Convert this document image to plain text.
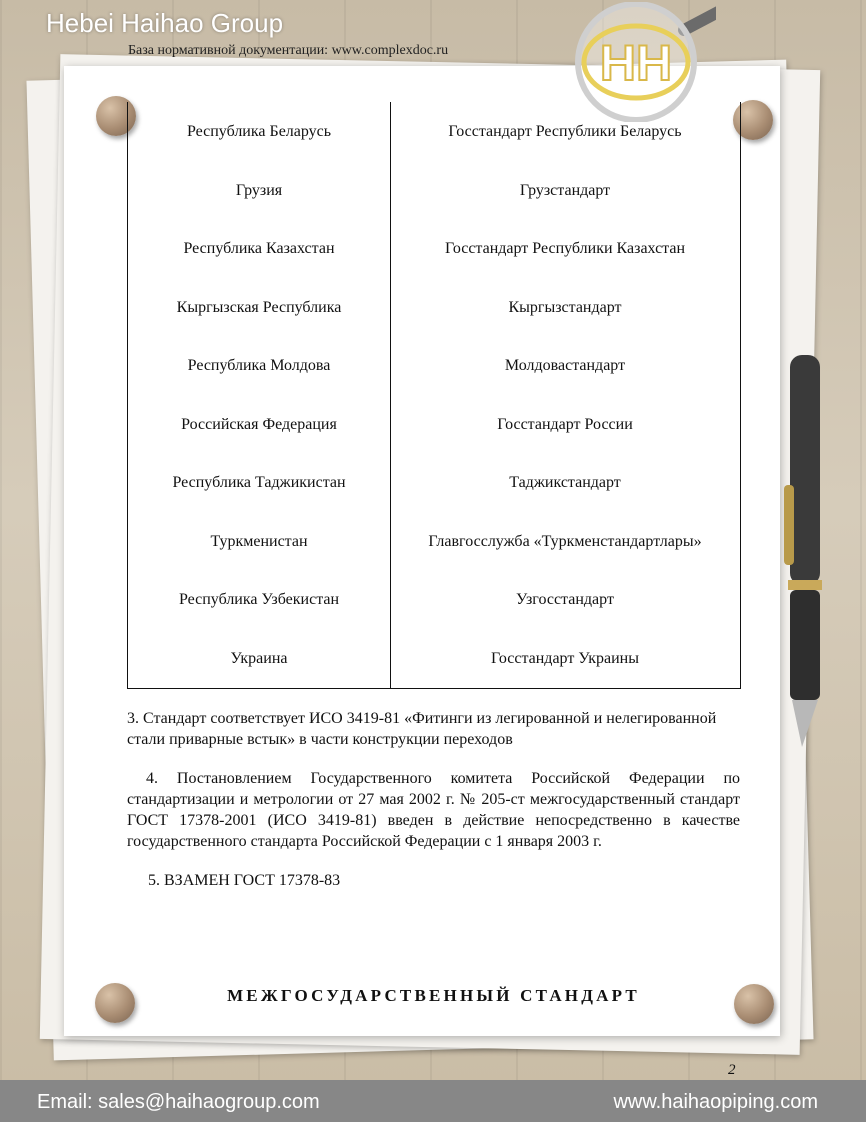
Hebei Haihao Group
HH
База нормативной документации: www.complexdoc.ru
Республика Беларусь	Госстандарт Республики Беларусь
Грузия	Грузстандарт
Республика Казахстан	Госстандарт Республики Казахстан
Кыргызская Республика	Кыргызстандарт
Республика Молдова	Молдовастандарт
Российская Федерация	Госстандарт России
Республика Таджикистан	Таджикстандарт
Туркменистан	Главгосслужба «Туркменстандартлары»
Республика Узбекистан	Узгосстандарт
Украина	Госстандарт Украины
3. Стандарт соответствует ИСО 3419-81 «Фитинги из легированной и нелегированной стали приварные встык» в части конструкции переходов
4. Постановлением Государственного комитета Российской Федерации по стандартизации и метрологии от 27 мая 2002 г. № 205-ст межгосударственный стандарт ГОСТ 17378-2001 (ИСО 3419-81) введен в действие непосредственно в качестве государственного стандарта Российской Федерации с 1 января 2003 г.
5. ВЗАМЕН ГОСТ 17378-83
МЕЖГОСУДАРСТВЕННЫЙ СТАНДАРТ
2
Email: sales@haihaogroup.com	www.haihaopiping.com
